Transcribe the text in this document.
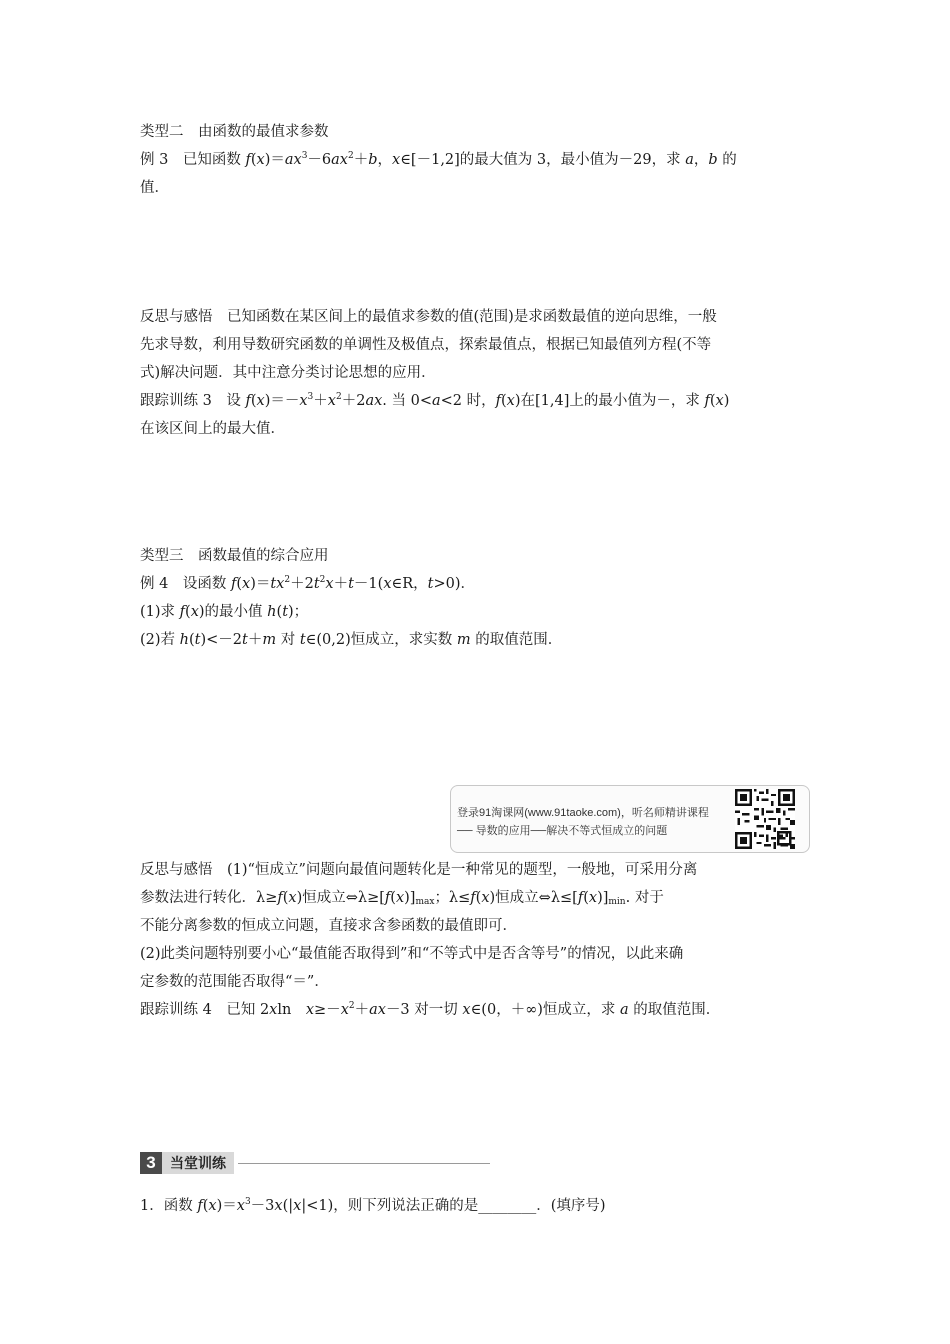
类型二　由函数的最值求参数
例 3　已知函数 $f(x)=ax^3-6ax^2+b$，x∈[－1,2]的最大值为 3，最小值为－29，求 a，b 的
值．
反思与感悟　已知函数在某区间上的最值求参数的值(范围)是求函数最值的逆向思维，一般
先求导数，利用导数研究函数的单调性及极值点，探索最值点，根据已知最值列方程(不等
式)解决问题．其中注意分类讨论思想的应用．
跟踪训练 3　设 $f(x)=-x^3+x^2+2ax$. 当 0<a<2 时，f(x)在[1,4]上的最小值为－，求 f(x)
在该区间上的最大值．
类型三　函数最值的综合应用
例 4　设函数 $f(x)=tx^2+2t^2x+t-1(x\in R$，t>0)．
(1)求 f(x)的最小值 h(t)；
(2)若 h(t)<－2t＋m 对 t∈(0,2)恒成立，求实数 m 的取值范围．
登录91淘课网(www.91taoke.com)，听名师精讲课程
── 导数的应用──解决不等式恒成立的问题
反思与感悟　(1)“恒成立”问题向最值问题转化是一种常见的题型，一般地，可采用分离
参数法进行转化．λ≥f(x)恒成立$\Leftrightarrow\lambda\ge[f(x)]_{max}$；λ≤f(x)恒成立$\Leftrightarrow\lambda\le[f(x)]_{min}$. 对于
不能分离参数的恒成立问题，直接求含参函数的最值即可．
(2)此类问题特别要小心“最值能否取得到”和“不等式中是否含等号”的情况，以此来确
定参数的范围能否取得“＝”．
跟踪训练 4　已知 2xln　$x\ge-x^2+ax-3$ 对一切 x∈(0，＋∞)恒成立，求 a 的取值范围．
3	当堂训练
1．函数 $f(x)=x^3-3x(|x|<1)$，则下列说法正确的是________．(填序号)
